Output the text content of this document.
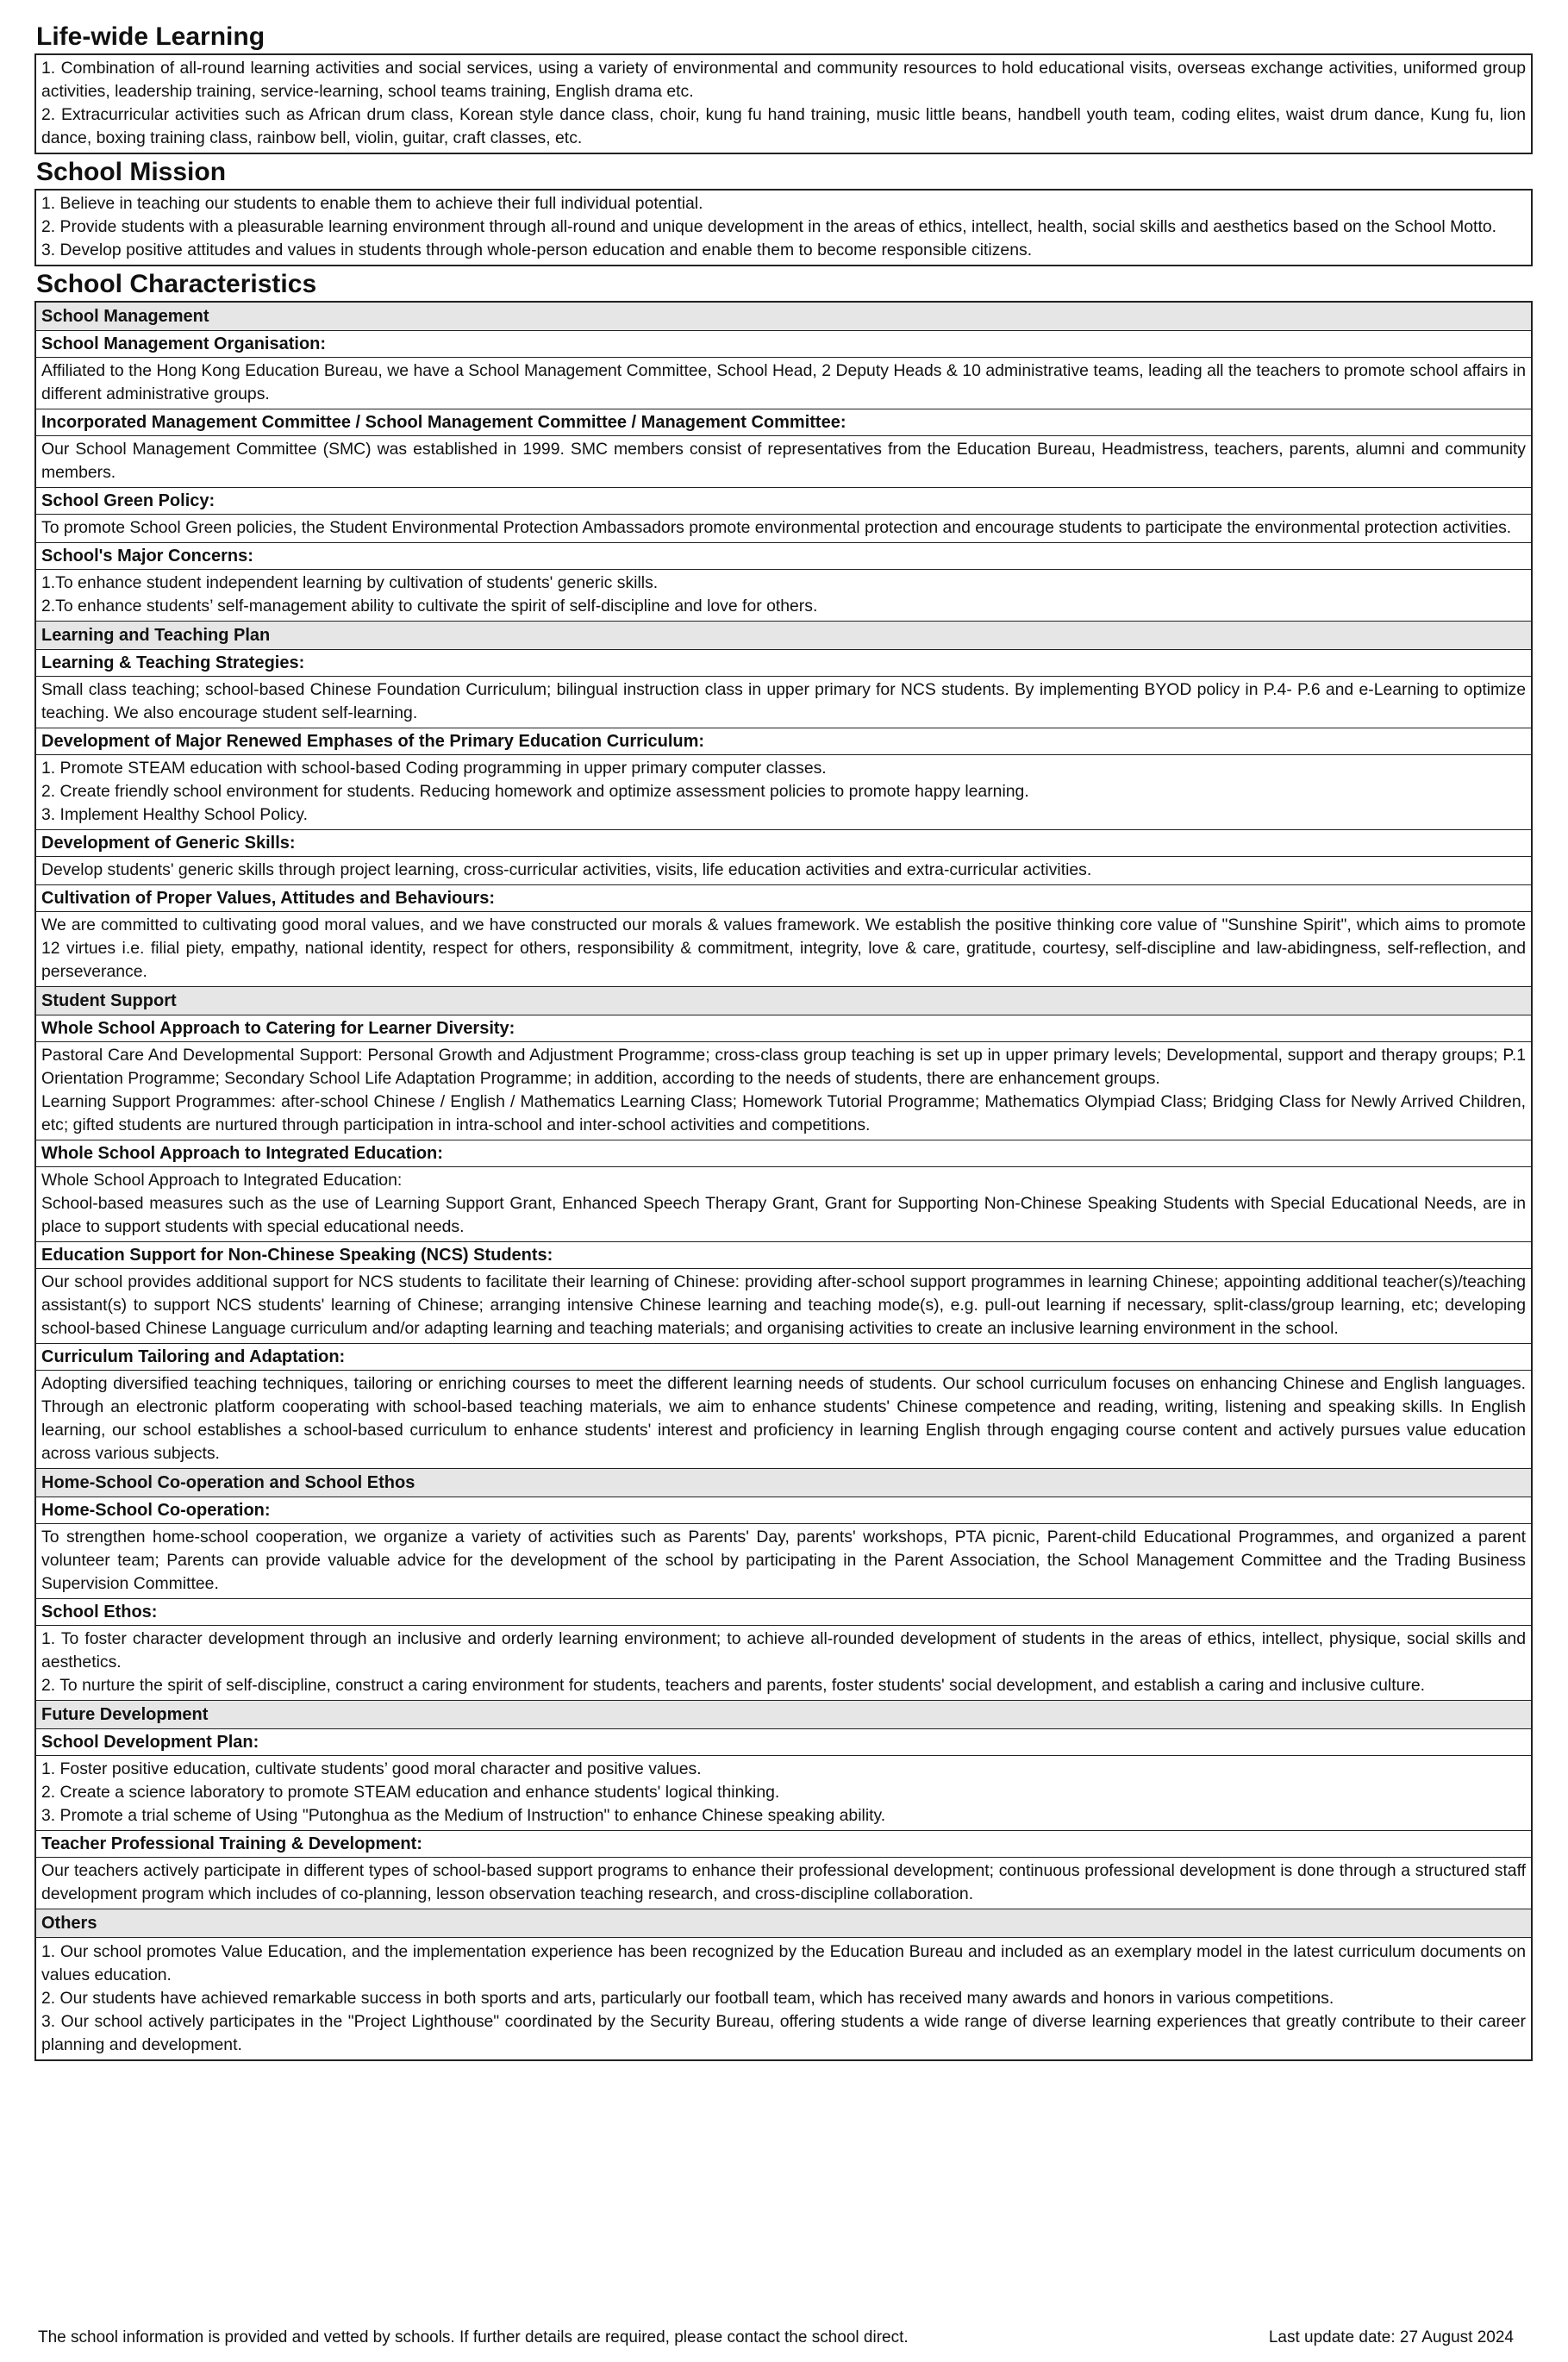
Life-wide Learning

1. Combination of all-round learning activities and social services, using a variety of environmental and community resources to hold educational visits, overseas exchange activities, uniformed group activities, leadership training, service-learning, school teams training, English drama etc.

2. Extracurricular activities such as African drum class, Korean style dance class, choir, kung fu hand training, music little beans, handbell youth team, coding elites, waist drum dance, Kung fu, lion dance, boxing training class, rainbow bell, violin, guitar, craft classes, etc.

School Mission

1. Believe in teaching our students to enable them to achieve their full individual potential.

2. Provide students with a pleasurable learning environment through all-round and unique development in the areas of ethics, intellect, health, social skills and aesthetics based on the School Motto.

3. Develop positive attitudes and values in students through whole-person education and enable them to become responsible citizens.

School Characteristics
School Management
School Management Organisation:

Affiliated to the Hong Kong Education Bureau, we have a School Management Committee, School Head, 2 Deputy Heads & 10 administrative teams, leading all the teachers to promote school affairs in different administrative groups.

Incorporated Management Committee / School Management Committee / Management Committee:

Our School Management Committee (SMC) was established in 1999. SMC members consist of representatives from the Education Bureau, Headmistress, teachers, parents, alumni and community members.

School Green Policy:

To promote School Green policies, the Student Environmental Protection Ambassadors promote environmental protection and encourage students to participate the environmental protection activities.

School's Major Concerns:

1.To enhance student independent learning by cultivation of students' generic skills.

2.To enhance students’ self-management ability to cultivate the spirit of self-discipline and love for others.

Learning and Teaching Plan
Learning & Teaching Strategies:

Small class teaching; school-based Chinese Foundation Curriculum; bilingual instruction class in upper primary for NCS students. By implementing BYOD policy in P.4- P.6 and e-Learning to optimize teaching. We also encourage student self-learning.

Development of Major Renewed Emphases of the Primary Education Curriculum:

1. Promote STEAM education with school-based Coding programming in upper primary computer classes.

2. Create friendly school environment for students. Reducing homework and optimize assessment policies to promote happy learning.

3. Implement Healthy School Policy.

Development of Generic Skills:

Develop students' generic skills through project learning, cross-curricular activities, visits, life education activities and extra-curricular activities.

Cultivation of Proper Values, Attitudes and Behaviours:

We are committed to cultivating good moral values, and we have constructed our morals & values framework. We establish the positive thinking core value of "Sunshine Spirit", which aims to promote 12 virtues i.e. filial piety, empathy, national identity, respect for others, responsibility & commitment, integrity, love & care, gratitude, courtesy, self-discipline and law-abidingness, self-reflection, and perseverance.

Student Support
Whole School Approach to Catering for Learner Diversity:

Pastoral Care And Developmental Support: Personal Growth and Adjustment Programme; cross-class group teaching is set up in upper primary levels; Developmental, support and therapy groups; P.1 Orientation Programme; Secondary School Life Adaptation Programme; in addition, according to the needs of students, there are enhancement groups.

Learning Support Programmes: after-school Chinese / English / Mathematics Learning Class; Homework Tutorial Programme; Mathematics Olympiad Class; Bridging Class for Newly Arrived Children, etc; gifted students are nurtured through participation in intra-school and inter-school activities and competitions.

Whole School Approach to Integrated Education:

Whole School Approach to Integrated Education:

School-based measures such as the use of Learning Support Grant, Enhanced Speech Therapy Grant, Grant for Supporting Non-Chinese Speaking Students with Special Educational Needs, are in place to support students with special educational needs.

Education Support for Non-Chinese Speaking (NCS) Students:

Our school provides additional support for NCS students to facilitate their learning of Chinese: providing after-school support programmes in learning Chinese; appointing additional teacher(s)/teaching assistant(s) to support NCS students' learning of Chinese; arranging intensive Chinese learning and teaching mode(s), e.g. pull-out learning if necessary, split-class/group learning, etc; developing school-based Chinese Language curriculum and/or adapting learning and teaching materials; and organising activities to create an inclusive learning environment in the school.

Curriculum Tailoring and Adaptation:

Adopting diversified teaching techniques, tailoring or enriching courses to meet the different learning needs of students. Our school curriculum focuses on enhancing Chinese and English languages. Through an electronic platform cooperating with school-based teaching materials, we aim to enhance students' Chinese competence and reading, writing, listening and speaking skills. In English learning, our school establishes a school-based curriculum to enhance students' interest and proficiency in learning English through engaging course content and actively pursues value education across various subjects.

Home-School Co-operation and School Ethos
Home-School Co-operation:

To strengthen home-school cooperation, we organize a variety of activities such as Parents' Day, parents' workshops, PTA picnic, Parent-child Educational Programmes, and organized a parent volunteer team; Parents can provide valuable advice for the development of the school by participating in the Parent Association, the School Management Committee and the Trading Business Supervision Committee.

School Ethos:

1. To foster character development through an inclusive and orderly learning environment; to achieve all-rounded development of students in the areas of ethics, intellect, physique, social skills and aesthetics.

2. To nurture the spirit of self-discipline, construct a caring environment for students, teachers and parents, foster students' social development, and establish a caring and inclusive culture.

Future Development
School Development Plan:

1. Foster positive education, cultivate students’ good moral character and positive values.

2. Create a science laboratory to promote STEAM education and enhance students' logical thinking.

3. Promote a trial scheme of Using "Putonghua as the Medium of Instruction" to enhance Chinese speaking ability.

Teacher Professional Training & Development:

Our teachers actively participate in different types of school-based support programs to enhance their professional development; continuous professional development is done through a structured staff development program which includes of co-planning, lesson observation teaching research, and cross-discipline collaboration.

Others

1. Our school promotes Value Education, and the implementation experience has been recognized by the Education Bureau and included as an exemplary model in the latest curriculum documents on values education.

2. Our students have achieved remarkable success in both sports and arts, particularly our football team, which has received many awards and honors in various competitions.

3. Our school actively participates in the "Project Lighthouse" coordinated by the Security Bureau, offering students a wide range of diverse learning experiences that greatly contribute to their career planning and development.

The school information is provided and vetted by schools. If further details are required, please contact the school direct.	Last update date: 27 August 2024
